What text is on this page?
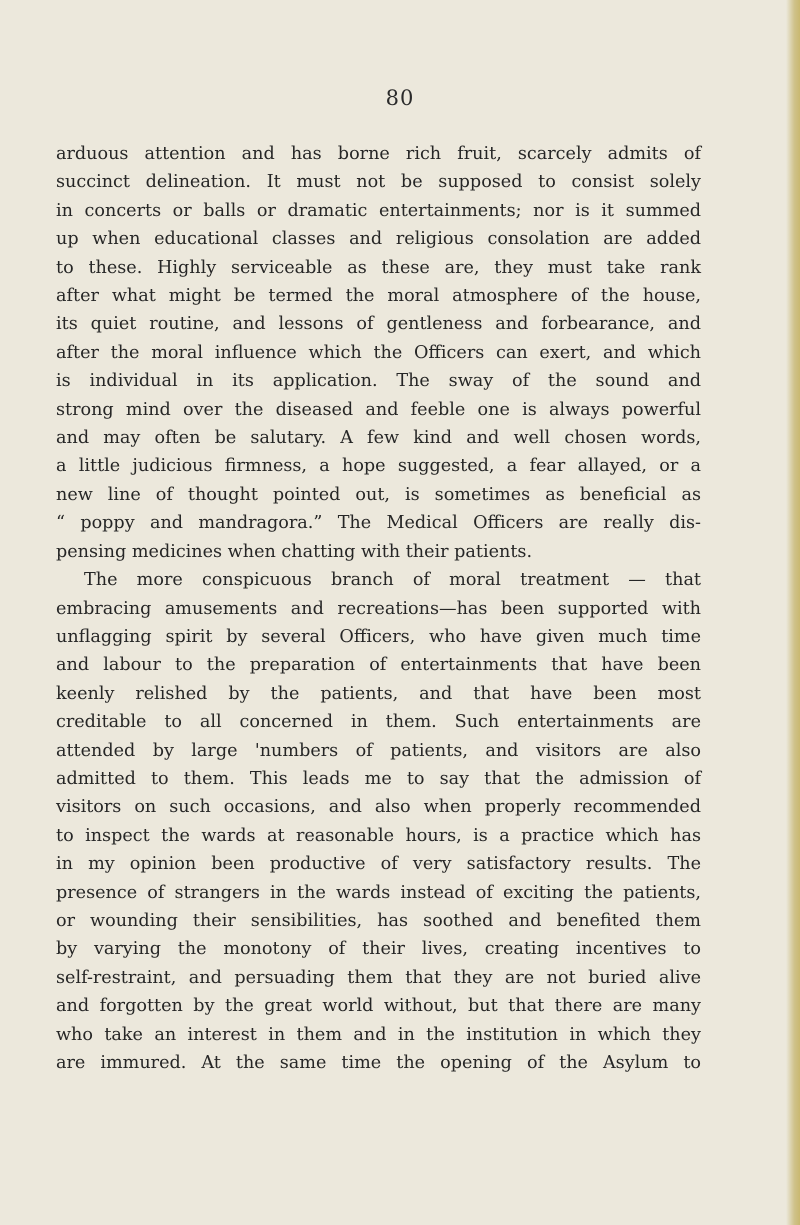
80
arduous attention and has borne rich fruit, scarcely admits of
succinct delineation. It must not be supposed to consist solely
in concerts or balls or dramatic entertainments; nor is it summed
up when educational classes and religious consolation are added
to these. Highly serviceable as these are, they must take rank
after what might be termed the moral atmosphere of the house,
its quiet routine, and lessons of gentleness and forbearance, and
after the moral influence which the Officers can exert, and which
is individual in its application. The sway of the sound and
strong mind over the diseased and feeble one is always powerful
and may often be salutary. A few kind and well chosen words,
a little judicious firmness, a hope suggested, a fear allayed, or a
new line of thought pointed out, is sometimes as beneficial as
“ poppy and mandragora.” The Medical Officers are really dis-
pensing medicines when chatting with their patients.
The more conspicuous branch of moral treatment — that
embracing amusements and recreations—has been supported with
unflagging spirit by several Officers, who have given much time
and labour to the preparation of entertainments that have been
keenly relished by the patients, and that have been most
creditable to all concerned in them. Such entertainments are
attended by large 'numbers of patients, and visitors are also
admitted to them. This leads me to say that the admission of
visitors on such occasions, and also when properly recommended
to inspect the wards at reasonable hours, is a practice which has
in my opinion been productive of very satisfactory results. The
presence of strangers in the wards instead of exciting the patients,
or wounding their sensibilities, has soothed and benefited them
by varying the monotony of their lives, creating incentives to
self-restraint, and persuading them that they are not buried alive
and forgotten by the great world without, but that there are many
who take an interest in them and in the institution in which they
are immured. At the same time the opening of the Asylum to
